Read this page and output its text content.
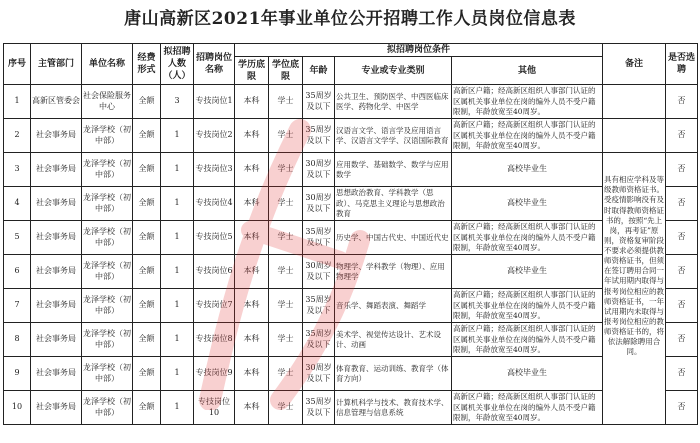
唐山高新区2021年事业单位公开招聘工作人员岗位信息表
序号	主管部门	单位名称	经费形式	拟招聘人数（人）	招聘岗位名称	拟招聘岗位条件					备注	是否选聘
						学历底限	学位底限	年龄	专业或专业类别	其他		
1	高新区管委会	社会保险服务中心	全额	3	专技岗位1	本科	学士	35周岁及以下	公共卫生、预防医学、中西医临床医学、药物化学、中医学	高新区户籍；经高新区组织人事部门认证的区属机关事业单位在岗的编外人员不受户籍限制，年龄放宽至40周岁。		否
2	社会事务局	龙泽学校（初中部）	全额	1	专技岗位2	本科	学士	35周岁及以下	汉语言文学、语言学及应用语言学、汉语言文学学、汉语国际教育	高新区户籍；经高新区组织人事部门认证的区属机关事业单位在岗的编外人员不受户籍限制，年龄放宽至40周岁。		否
3	社会事务局	龙泽学校（初中部）	全额	1	专技岗位3	本科	学士	30周岁及以下	应用数学、基础数学、数学与应用数学	高校毕业生	具有相应学科及等级教师资格证书。受疫情影响没有及时取得教师资格证书的，按照“先上岗，再考证”原则，资格复审阶段不要求必须提供教师资格证书，但须在签订聘用合同一年试用期内取得与报考岗位相应的教师资格证书，一年试用期内未取得与报考岗位相应的教师资格证书的，将依法解除聘用合同。	否
4	社会事务局	龙泽学校（初中部）	全额	1	专技岗位4	本科	学士	30周岁及以下	思想政治教育、学科教学（思政）、马克思主义理论与思想政治教育	高校毕业生		否
5	社会事务局	龙泽学校（初中部）	全额	1	专技岗位5	本科	学士	35周岁及以下	历史学、中国古代史、中国近代史	高新区户籍；经高新区组织人事部门认证的区属机关事业单位在岗的编外人员不受户籍限制，年龄放宽至40周岁。		否
6	社会事务局	龙泽学校（初中部）	全额	1	专技岗位6	本科	学士	30周岁及以下	物理学、学科教学（物理）、应用物理学	高校毕业生		否
7	社会事务局	龙泽学校（初中部）	全额	1	专技岗位7	本科	学士	35周岁及以下	音乐学、舞蹈表演、舞蹈学	高新区户籍；经高新区组织人事部门认证的区属机关事业单位在岗的编外人员不受户籍限制，年龄放宽至40周岁。		否
8	社会事务局	龙泽学校（初中部）	全额	1	专技岗位8	本科	学士	35周岁及以下	美术学、视觉传达设计、艺术设计、动画	高新区户籍；经高新区组织人事部门认证的区属机关事业单位在岗的编外人员不受户籍限制，年龄放宽至40周岁。		否
9	社会事务局	龙泽学校（初中部）	全额	1	专技岗位9	本科	学士	30周岁及以下	体育教育、运动训练、教育学（体育方向）	高校毕业生		否
10	社会事务局	龙泽学校（初中部）	全额	1	专技岗位10	本科	学士	35周岁及以下	计算机科学与技术、教育技术学、信息管理与信息系统	高新区户籍；经高新区组织人事部门认证的区属机关事业单位在岗的编外人员不受户籍限制，年龄放宽至40周岁。		否
